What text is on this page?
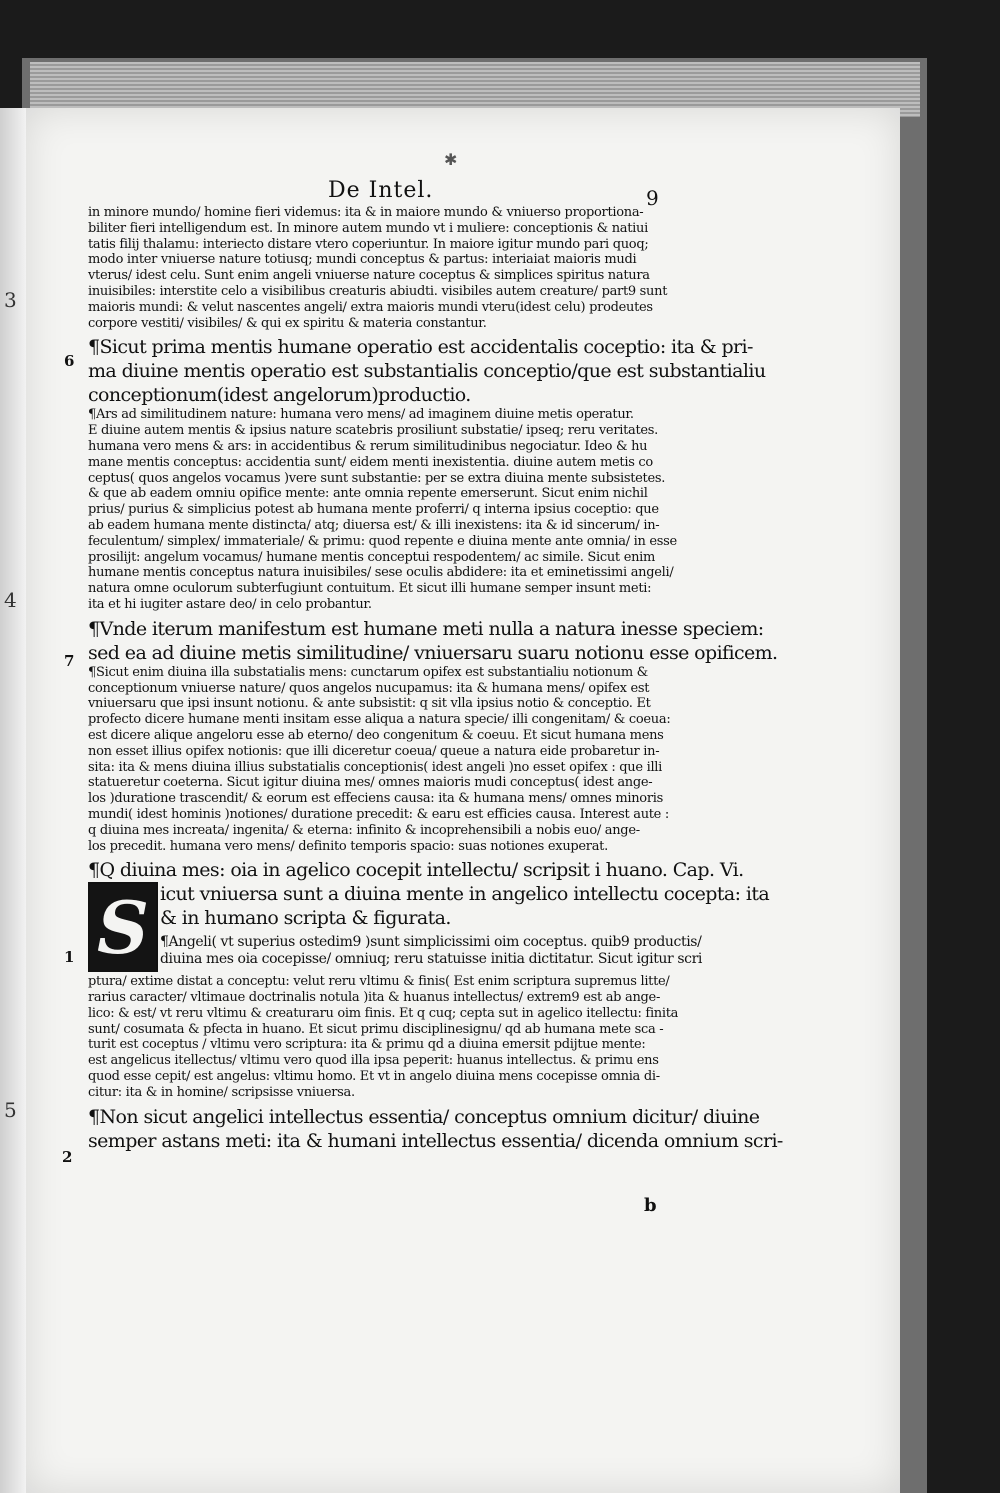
3
4
5
✱
De Intel.	9
6
7
1
2
in minore mundo/ homine fieri videmus: ita & in maiore mundo & vniuerso proportiona-
biliter fieri intelligendum est. In minore autem mundo vt i muliere: conceptionis & natiui
tatis filij thalamu: interiecto distare vtero coperiuntur. In maiore igitur mundo pari quoq;
modo inter vniuerse nature totiusq; mundi conceptus & partus: interiaiat maioris mudi
vterus/ idest celu. Sunt enim angeli vniuerse nature coceptus & simplices spiritus natura
inuisibiles: interstite celo a visibilibus creaturis abiudti. visibiles autem creature/ part9 sunt
maioris mundi: & velut nascentes angeli/ extra maioris mundi vteru(idest celu) prodeutes
corpore vestiti/ visibiles/ & qui ex spiritu & materia constantur.
¶Sicut prima mentis humane operatio est accidentalis coceptio: ita & pri-
ma diuine mentis operatio est substantialis conceptio/que est substantialiu
conceptionum(idest angelorum)productio.
¶Ars ad similitudinem nature: humana vero mens/ ad imaginem diuine metis operatur.
E diuine autem mentis & ipsius nature scatebris prosiliunt substatie/ ipseq; reru veritates.
humana vero mens & ars: in accidentibus & rerum similitudinibus negociatur. Ideo & hu
mane mentis conceptus: accidentia sunt/ eidem menti inexistentia. diuine autem metis co
ceptus( quos angelos vocamus )vere sunt substantie: per se extra diuina mente subsistetes.
& que ab eadem omniu opifice mente: ante omnia repente emerserunt. Sicut enim nichil
prius/ purius & simplicius potest ab humana mente proferri/ q interna ipsius coceptio: que
ab eadem humana mente distincta/ atq; diuersa est/ & illi inexistens: ita & id sincerum/ in-
feculentum/ simplex/ immateriale/ & primu: quod repente e diuina mente ante omnia/ in esse
prosilijt: angelum vocamus/ humane mentis conceptui respodentem/ ac simile. Sicut enim
humane mentis conceptus natura inuisibiles/ sese oculis abdidere: ita et eminetissimi angeli/
natura omne oculorum subterfugiunt contuitum. Et sicut illi humane semper insunt meti:
ita et hi iugiter astare deo/ in celo probantur.
¶Vnde iterum manifestum est humane meti nulla a natura inesse speciem:
sed ea ad diuine metis similitudine/ vniuersaru suaru notionu esse opificem.
¶Sicut enim diuina illa substatialis mens: cunctarum opifex est substantialiu notionum &
conceptionum vniuerse nature/ quos angelos nucupamus: ita & humana mens/ opifex est
vniuersaru que ipsi insunt notionu. & ante subsistit: q sit vlla ipsius notio & conceptio. Et
profecto dicere humane menti insitam esse aliqua a natura specie/ illi congenitam/ & coeua:
est dicere alique angeloru esse ab eterno/ deo congenitum & coeuu. Et sicut humana mens
non esset illius opifex notionis: que illi diceretur coeua/ queue a natura eide probaretur in-
sita: ita & mens diuina illius substatialis conceptionis( idest angeli )no esset opifex : que illi
statueretur coeterna. Sicut igitur diuina mes/ omnes maioris mudi conceptus( idest ange-
los )duratione trascendit/ & eorum est effeciens causa: ita & humana mens/ omnes minoris
mundi( idest hominis )notiones/ duratione precedit: & earu est efficies causa. Interest aute :
q diuina mes increata/ ingenita/ & eterna: infinito & incoprehensibili a nobis euo/ ange-
los precedit. humana vero mens/ definito temporis spacio: suas notiones exuperat.
¶Q diuina mes: oia in agelico cocepit intellectu/ scripsit i huano. Cap. Vi.
S icut vniuersa sunt a diuina mente in angelico intellectu cocepta: ita
& in humano scripta & figurata.
¶Angeli( vt superius ostedim9 )sunt simplicissimi oim coceptus. quib9 productis/
diuina mes oia cocepisse/ omniuq; reru statuisse initia dictitatur. Sicut igitur scri
ptura/ extime distat a conceptu: velut reru vltimu & finis( Est enim scriptura supremus litte/
rarius caracter/ vltimaue doctrinalis notula )ita & huanus intellectus/ extrem9 est ab ange-
lico: & est/ vt reru vltimu & creaturaru oim finis. Et q cuq; cepta sut in agelico itellectu: finita
sunt/ cosumata & pfecta in huano. Et sicut primu disciplinesignu/ qd ab humana mete sca -
turit est coceptus / vltimu vero scriptura: ita & primu qd a diuina emersit pdijtue mente:
est angelicus itellectus/ vltimu vero quod illa ipsa peperit: huanus intellectus. & primu ens
quod esse cepit/ est angelus: vltimu homo. Et vt in angelo diuina mens cocepisse omnia di-
citur: ita & in homine/ scripsisse vniuersa.
¶Non sicut angelici intellectus essentia/ conceptus omnium dicitur/ diuine
semper astans meti: ita & humani intellectus essentia/ dicenda omnium scri-
b
